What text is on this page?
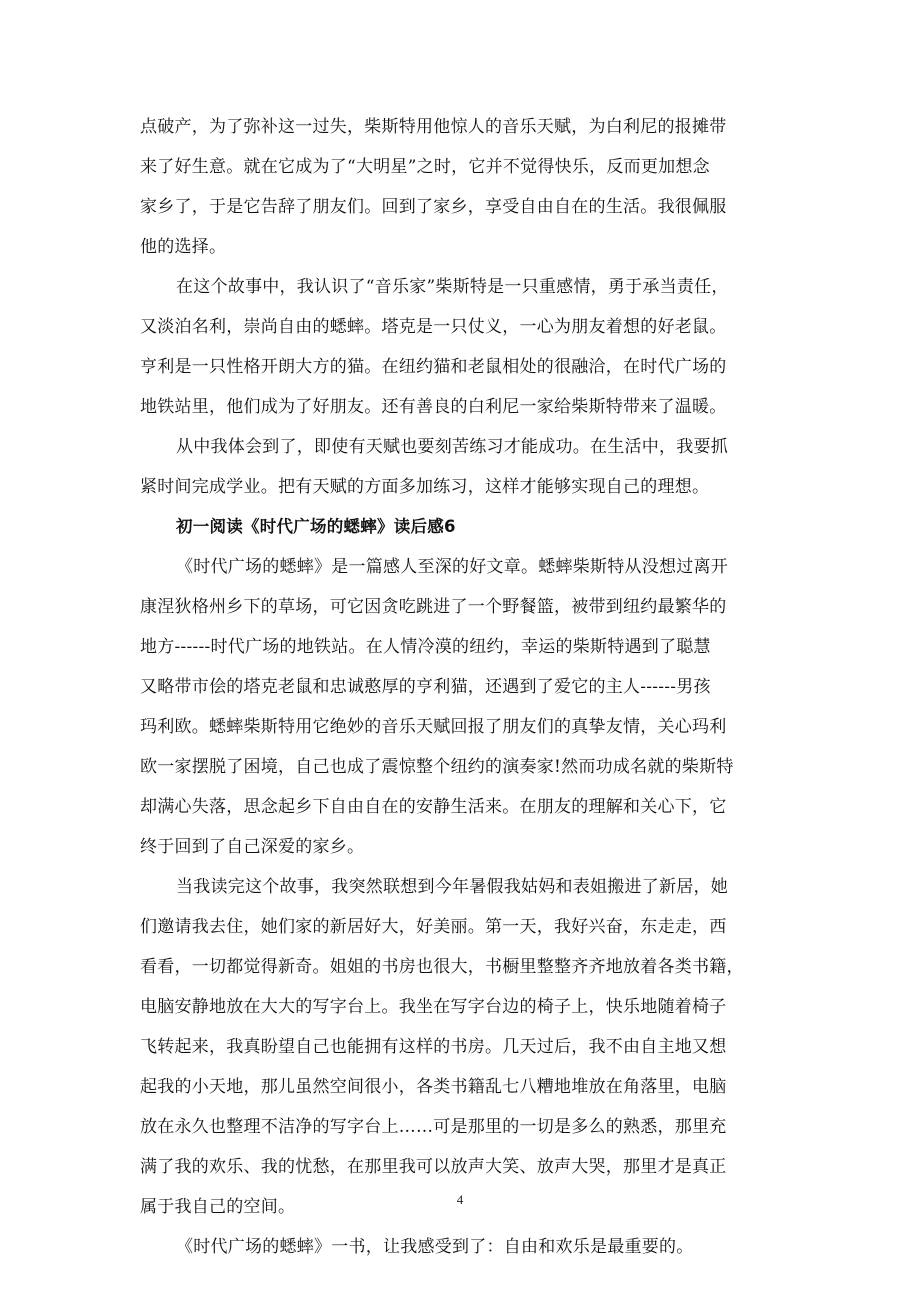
点破产，为了弥补这一过失，柴斯特用他惊人的音乐天赋，为白利尼的报摊带
来了好生意。就在它成为了“大明星”之时，它并不觉得快乐，反而更加想念
家乡了，于是它告辞了朋友们。回到了家乡，享受自由自在的生活。我很佩服
他的选择。
在这个故事中，我认识了“音乐家”柴斯特是一只重感情，勇于承当责任，
又淡泊名利，崇尚自由的蟋蟀。塔克是一只仗义，一心为朋友着想的好老鼠。
亨利是一只性格开朗大方的猫。在纽约猫和老鼠相处的很融洽，在时代广场的
地铁站里，他们成为了好朋友。还有善良的白利尼一家给柴斯特带来了温暖。
从中我体会到了，即使有天赋也要刻苦练习才能成功。在生活中，我要抓
紧时间完成学业。把有天赋的方面多加练习，这样才能够实现自己的理想。
初一阅读《时代广场的蟋蟀》读后感6
《时代广场的蟋蟀》是一篇感人至深的好文章。蟋蟀柴斯特从没想过离开
康涅狄格州乡下的草场，可它因贪吃跳进了一个野餐篮，被带到纽约最繁华的
地方------时代广场的地铁站。在人情冷漠的纽约，幸运的柴斯特遇到了聪慧
又略带市侩的塔克老鼠和忠诚憨厚的亨利猫，还遇到了爱它的主人------男孩
玛利欧。蟋蟀柴斯特用它绝妙的音乐天赋回报了朋友们的真挚友情，关心玛利
欧一家摆脱了困境，自己也成了震惊整个纽约的演奏家!然而功成名就的柴斯特
却满心失落，思念起乡下自由自在的安静生活来。在朋友的理解和关心下，它
终于回到了自己深爱的家乡。
当我读完这个故事，我突然联想到今年暑假我姑妈和表姐搬进了新居，她
们邀请我去住，她们家的新居好大，好美丽。第一天，我好兴奋，东走走，西
看看，一切都觉得新奇。姐姐的书房也很大，书橱里整整齐齐地放着各类书籍，
电脑安静地放在大大的写字台上。我坐在写字台边的椅子上，快乐地随着椅子
飞转起来，我真盼望自己也能拥有这样的书房。几天过后，我不由自主地又想
起我的小天地，那儿虽然空间很小，各类书籍乱七八糟地堆放在角落里，电脑
放在永久也整理不洁净的写字台上……可是那里的一切是多么的熟悉，那里充
满了我的欢乐、我的忧愁，在那里我可以放声大笑、放声大哭，那里才是真正
属于我自己的空间。
《时代广场的蟋蟀》一书，让我感受到了：自由和欢乐是最重要的。
4
